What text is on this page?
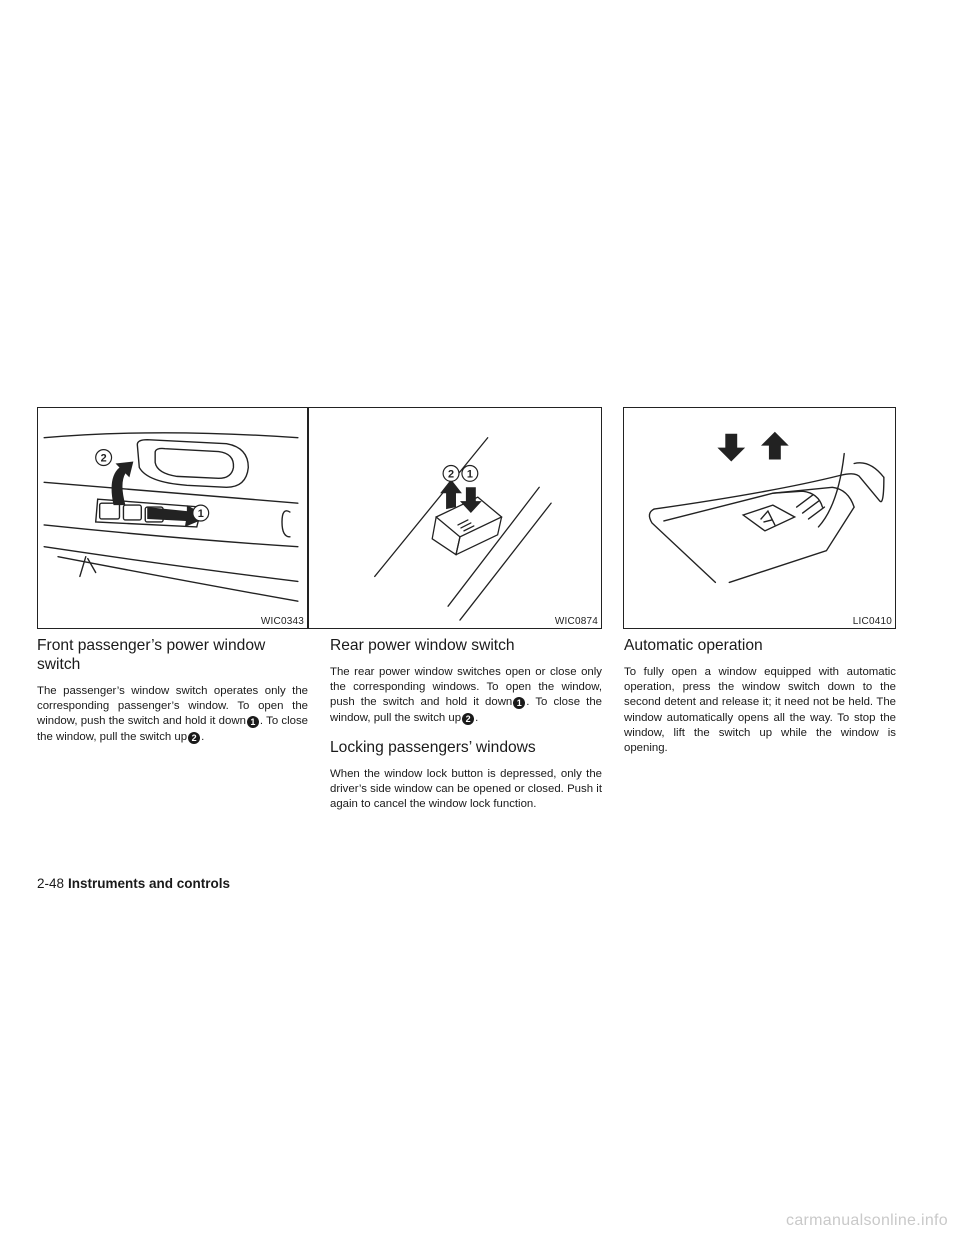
2
1
WIC0343
2 1
WIC0874	LIC0410
Front passenger’s power window switch

The passenger’s window switch operates only the corresponding passenger’s window. To open the window, push the switch and hold it down 1 . To close the window, pull the switch up 2 .

Rear power window switch

The rear power window switches open or close only the corresponding windows. To open the window, push the switch and hold it down 1 . To close the window, pull the switch up 2 .

Locking passengers’ windows

When the window lock button is depressed, only the driver’s side window can be opened or closed. Push it again to cancel the window lock function.

Automatic operation

To fully open a window equipped with automatic operation, press the window switch down to the second detent and release it; it need not be held. The window automatically opens all the way. To stop the window, lift the switch up while the window is opening.

2-48 Instruments and controls
carmanualsonline.info
